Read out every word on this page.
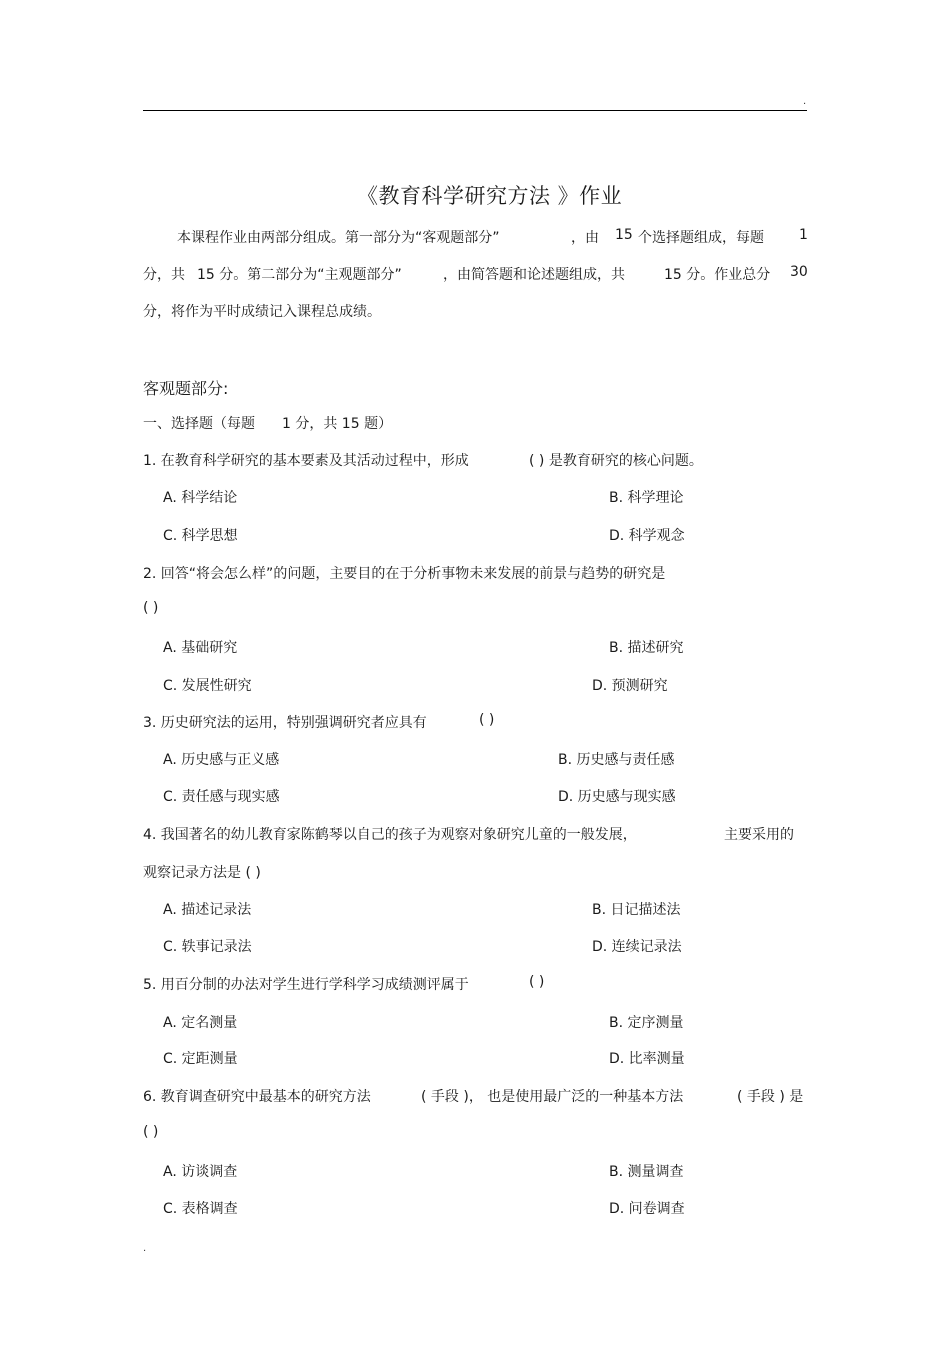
.
《教育科学研究方法 》作业
本课程作业由两部分组成。第一部分为“客观题部分”	，由 15 个选择题组成，每题	1
分，共 15 分。第二部分为“主观题部分”	，由简答题和论述题组成，共	15 分。作业总分 30
分，将作为平时成绩记入课程总成绩。
客观题部分:
一、选择题（每题 1 分，共 15 题）
1. 在教育科学研究的基本要素及其活动过程中，形成	( ) 是教育研究的核心问题。
A. 科学结论	B. 科学理论
C. 科学思想	D. 科学观念
2. 回答“将会怎么样”的问题，主要目的在于分析事物未来发展的前景与趋势的研究是
( )
A. 基础研究	B. 描述研究
C. 发展性研究	D. 预测研究
3. 历史研究法的运用，特别强调研究者应具有	( )
A. 历史感与正义感	B. 历史感与责任感
C. 责任感与现实感	D. 历史感与现实感
4. 我国著名的幼儿教育家陈鹤琴以自己的孩子为观察对象研究儿童的一般发展，	主要采用的
观察记录方法是 ( )
A. 描述记录法	B. 日记描述法
C. 轶事记录法	D. 连续记录法
5. 用百分制的办法对学生进行学科学习成绩测评属于	( )
A. 定名测量	B. 定序测量
C. 定距测量	D. 比率测量
6. 教育调查研究中最基本的研究方法	( 手段 )， 也是使用最广泛的一种基本方法	( 手段 ) 是
( )
A. 访谈调查	B. 测量调查
C. 表格调查	D. 问卷调查
.
